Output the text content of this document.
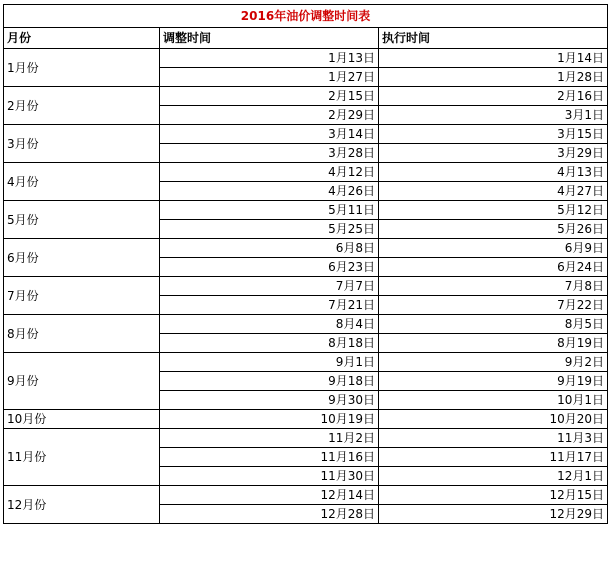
2016年油价调整时间表		
月份	调整时间	执行时间
1月份	1月13日	1月14日
	1月27日	1月28日
2月份	2月15日	2月16日
	2月29日	3月1日
3月份	3月14日	3月15日
	3月28日	3月29日
4月份	4月12日	4月13日
	4月26日	4月27日
5月份	5月11日	5月12日
	5月25日	5月26日
6月份	6月8日	6月9日
	6月23日	6月24日
7月份	7月7日	7月8日
	7月21日	7月22日
8月份	8月4日	8月5日
	8月18日	8月19日
9月份	9月1日	9月2日
	9月18日	9月19日
	9月30日	10月1日
10月份	10月19日	10月20日
11月份	11月2日	11月3日
	11月16日	11月17日
	11月30日	12月1日
12月份	12月14日	12月15日
	12月28日	12月29日
